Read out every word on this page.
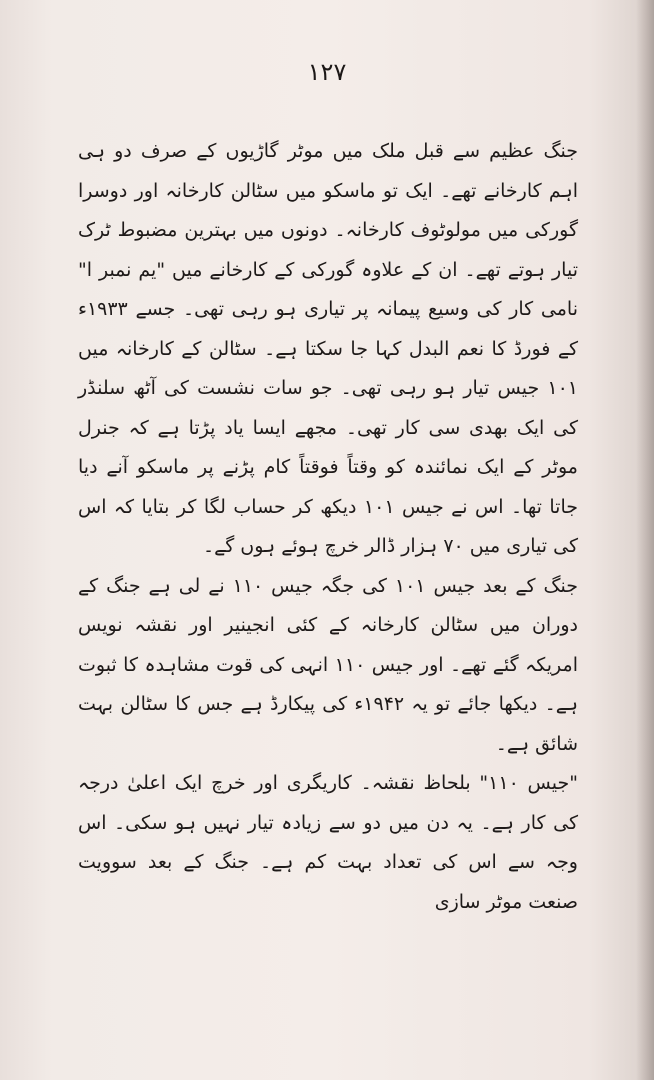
۱۲۷

جنگ عظیم سے قبل ملک میں موٹر گاڑیوں کے صرف دو ہی اہم کارخانے تھے۔ ایک تو ماسکو میں سٹالن کارخانہ اور دوسرا گورکی میں مولوٹوف کارخانہ۔ دونوں میں بہترین مضبوط ٹرک تیار ہوتے تھے۔ ان کے علاوہ گورکی کے کارخانے میں "یم نمبر ا" نامی کار کی وسیع پیمانہ پر تیاری ہو رہی تھی۔ جسے ۱۹۳۳ء کے فورڈ کا نعم البدل کہا جا سکتا ہے۔ سٹالن کے کارخانہ میں ۱۰۱ جیس تیار ہو رہی تھی۔ جو سات نشست کی آٹھ سلنڈر کی ایک بھدی سی کار تھی۔ مجھے ایسا یاد پڑتا ہے کہ جنرل موٹر کے ایک نمائندہ کو وقتاً فوقتاً کام پڑنے پر ماسکو آنے دیا جاتا تھا۔ اس نے جیس ۱۰۱ دیکھ کر حساب لگا کر بتایا کہ اس کی تیاری میں ۷۰ ہزار ڈالر خرچ ہوئے ہوں گے۔

جنگ کے بعد جیس ۱۰۱ کی جگہ جیس ۱۱۰ نے لی ہے جنگ کے دوران میں سٹالن کارخانہ کے کئی انجینیر اور نقشہ نویس امریکہ گئے تھے۔ اور جیس ۱۱۰ انہی کی قوت مشاہدہ کا ثبوت ہے۔ دیکھا جائے تو یہ ۱۹۴۲ء کی پیکارڈ ہے جس کا سٹالن بہت شائق ہے۔

"جیس ۱۱۰" بلحاظ نقشہ۔ کاریگری اور خرچ ایک اعلیٰ درجہ کی کار ہے۔ یہ دن میں دو سے زیادہ تیار نہیں ہو سکی۔ اس وجہ سے اس کی تعداد بہت کم ہے۔ جنگ کے بعد سوویت صنعت موٹر سازی
